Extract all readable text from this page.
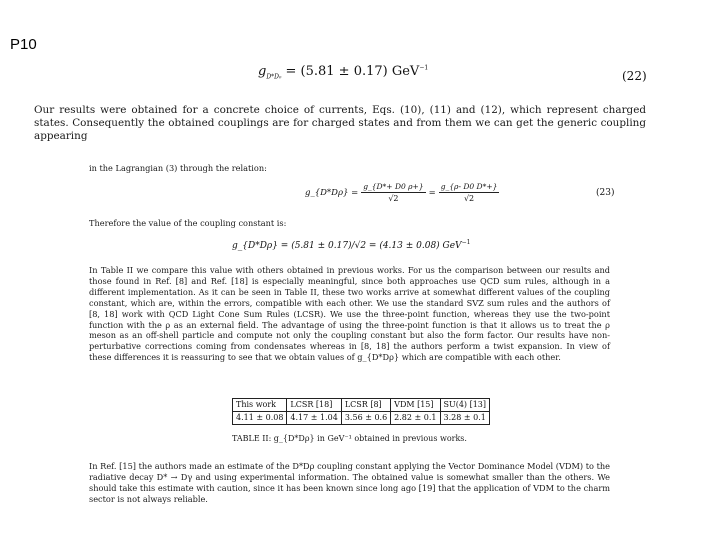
P10
$g_{D*D_0} = (5.81 \pm 0.17)$ GeV$^{-1}$
(22)
Our results were obtained for a concrete choice of currents, Eqs. (10), (11) and (12), which represent charged states. Consequently the obtained couplings are for charged states and from them we can get the generic coupling appearing
in the Lagrangian (3) through the relation:
g_{D*Dρ} = $\frac{g\_\{D*+ D0 \rho+\}}{√2} = \frac{g\_\{\rho- D0 D*+\}}{√2}$	(23)
Therefore the value of the coupling constant is:
g_{D*Dρ} = (5.81 ± 0.17)/√2 = (4.13 ± 0.08) GeV$^{-1}$
In Table II we compare this value with others obtained in previous works. For us the comparison between our results and those found in Ref. [8] and Ref. [18] is especially meaningful, since both approaches use QCD sum rules, although in a different implementation. As it can be seen in Table II, these two works arrive at somewhat different values of the coupling constant, which are, within the errors, compatible with each other. We use the standard SVZ sum rules and the authors of [8, 18] work with QCD Light Cone Sum Rules (LCSR). We use the three-point function, whereas they use the two-point function with the ρ as an external field. The advantage of using the three-point function is that it allows us to treat the ρ meson as an off-shell particle and compute not only the coupling constant but also the form factor. Our results have non-perturbative corrections coming from condensates whereas in [8, 18] the authors perform a twist expansion. In view of these differences it is reassuring to see that we obtain values of g_{D*Dρ} which are compatible with each other.
This work	LCSR [18]	LCSR [8]	VDM [15]	SU(4) [13]
4.11 ± 0.08	4.17 ± 1.04	3.56 ± 0.6	2.82 ± 0.1	3.28 ± 0.1
TABLE II: g_{D*Dρ} in GeV⁻¹ obtained in previous works.
In Ref. [15] the authors made an estimate of the D*Dρ coupling constant applying the Vector Dominance Model (VDM) to the radiative decay D* → Dγ and using experimental information. The obtained value is somewhat smaller than the others. We should take this estimate with caution, since it has been known since long ago [19] that the application of VDM to the charm sector is not always reliable.
